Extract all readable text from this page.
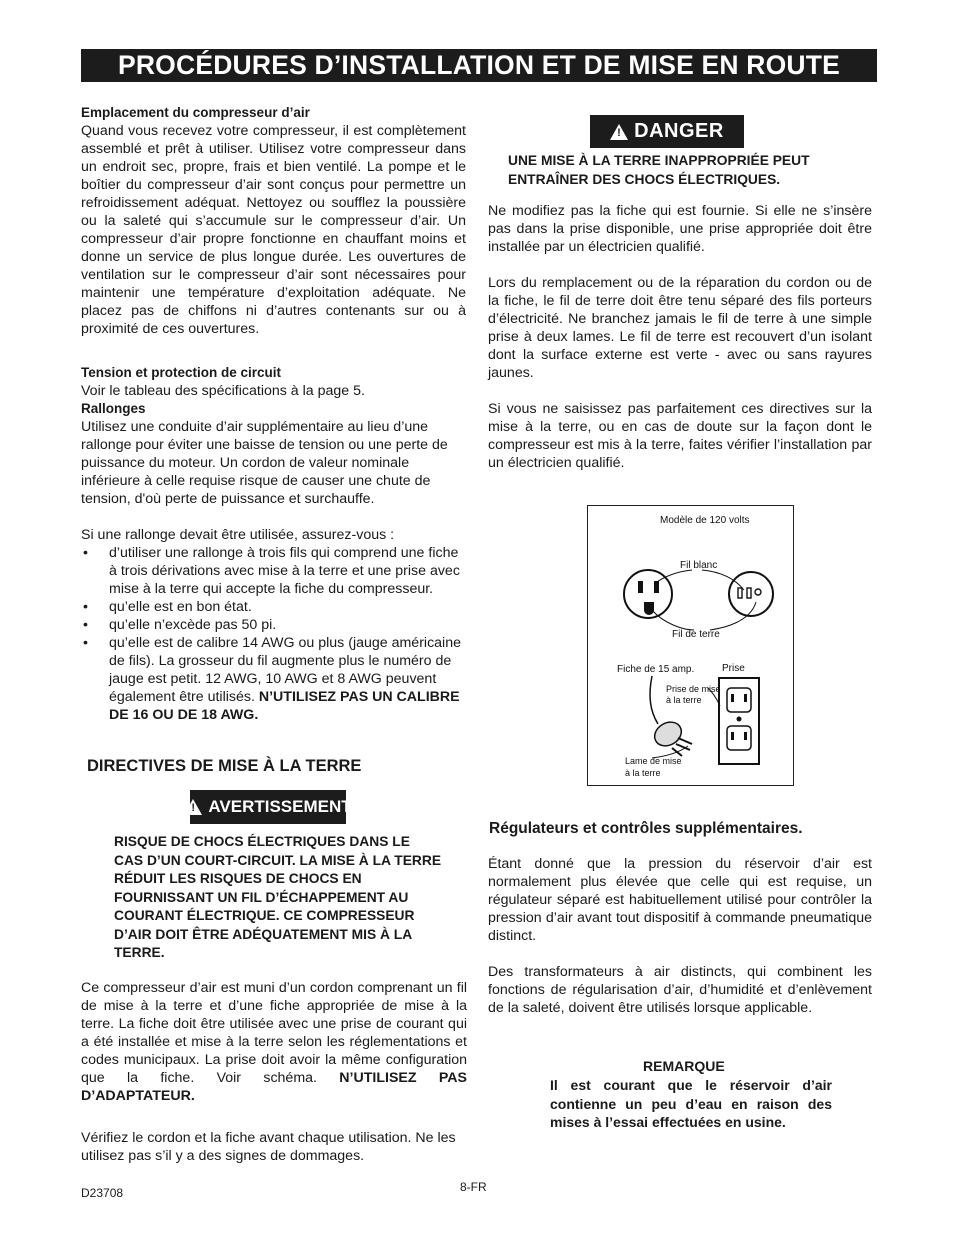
PROCÉDURES D’INSTALLATION ET DE MISE EN ROUTE
Emplacement du compresseur d’air

Quand vous recevez votre compresseur, il est complètement assemblé et prêt à utiliser. Utilisez votre compresseur dans un endroit sec, propre, frais et bien ventilé. La pompe et le boîtier du compresseur d’air sont conçus pour permettre un refroidissement adéquat. Nettoyez ou soufflez la poussière ou la saleté qui s’accumule sur le compresseur d’air. Un compresseur d’air propre fonctionne en chauffant moins et donne un service de plus longue durée. Les ouvertures de ventilation sur le compresseur d’air sont nécessaires pour maintenir une température d’exploitation adéquate. Ne placez pas de chiffons ni d’autres contenants sur ou à proximité de ces ouvertures.

Tension et protection de circuit

Voir le tableau des spécifications à la page 5.

Rallonges

Utilisez une conduite d’air supplémentaire au lieu d’une rallonge pour éviter une baisse de tension ou une perte de puissance du moteur. Un cordon de valeur nominale inférieure à celle requise risque de causer une chute de tension, d'où perte de puissance et surchauffe.

Si une rallonge devait être utilisée, assurez-vous :

• d’utiliser une rallonge à trois fils qui comprend une fiche à trois dérivations avec mise à la terre et une prise avec mise à la terre qui accepte la fiche du compresseur.
• qu’elle est en bon état.
• qu’elle n’excède pas 50 pi.
• qu’elle est de calibre 14 AWG ou plus (jauge américaine de fils). La grosseur du fil augmente plus le numéro de jauge est petit. 12 AWG, 10 AWG et 8 AWG peuvent également être utilisés. N’UTILISEZ PAS UN CALIBRE DE 16 OU DE 18 AWG.
DIRECTIVES DE MISE À LA TERRE
!
AVERTISSEMENT
RISQUE DE CHOCS ÉLECTRIQUES DANS LE CAS D’UN COURT-CIRCUIT. LA MISE À LA TERRE RÉDUIT LES RISQUES DE CHOCS EN FOURNISSANT UN FIL D’ÉCHAPPEMENT AU COURANT ÉLECTRIQUE. CE COMPRESSEUR D’AIR DOIT ÊTRE ADÉQUATEMENT MIS À LA TERRE.
Ce compresseur d’air est muni d’un cordon comprenant un fil de mise à la terre et d’une fiche appropriée de mise à la terre. La fiche doit être utilisée avec une prise de courant qui a été installée et mise à la terre selon les réglementations et codes municipaux. La prise doit avoir la même configuration que la fiche. Voir schéma. N’UTILISEZ PAS D’ADAPTATEUR.
Vérifiez le cordon et la fiche avant chaque utilisation. Ne les utilisez pas s’il y a des signes de dommages.
!
DANGER
UNE MISE À LA TERRE INAPPROPRIÉE PEUT ENTRAÎNER DES CHOCS ÉLECTRIQUES.

Ne modifiez pas la fiche qui est fournie. Si elle ne s’insère pas dans la prise disponible, une prise appropriée doit être installée par un électricien qualifié.

Lors du remplacement ou de la réparation du cordon ou de la fiche, le fil de terre doit être tenu séparé des fils porteurs d’électricité. Ne branchez jamais le fil de terre à une simple prise à deux lames. Le fil de terre est recouvert d’un isolant dont la surface externe est verte - avec ou sans rayures jaunes.

Si vous ne saisissez pas parfaitement ces directives sur la mise à la terre, ou en cas de doute sur la façon dont le compresseur est mis à la terre, faites vérifier l’installation par un électricien qualifié.

Modèle de 120 volts
Fil blanc
Fil de terre
Fiche de 15 amp.	Prise
Prise de mise
à la terre
Lame de mise
à la terre
Régulateurs et contrôles supplémentaires.

Étant donné que la pression du réservoir d’air est normalement plus élevée que celle qui est requise, un régulateur séparé est habituellement utilisé pour contrôler la pression d’air avant tout dispositif à commande pneumatique distinct.

Des transformateurs à air distincts, qui combinent les fonctions de régularisation d’air, d’humidité et d’enlèvement de la saleté, doivent être utilisés lorsque applicable.

REMARQUE
Il est courant que le réservoir d’air contienne un peu d’eau en raison des mises à l’essai effectuées en usine.
D23708	8-FR
